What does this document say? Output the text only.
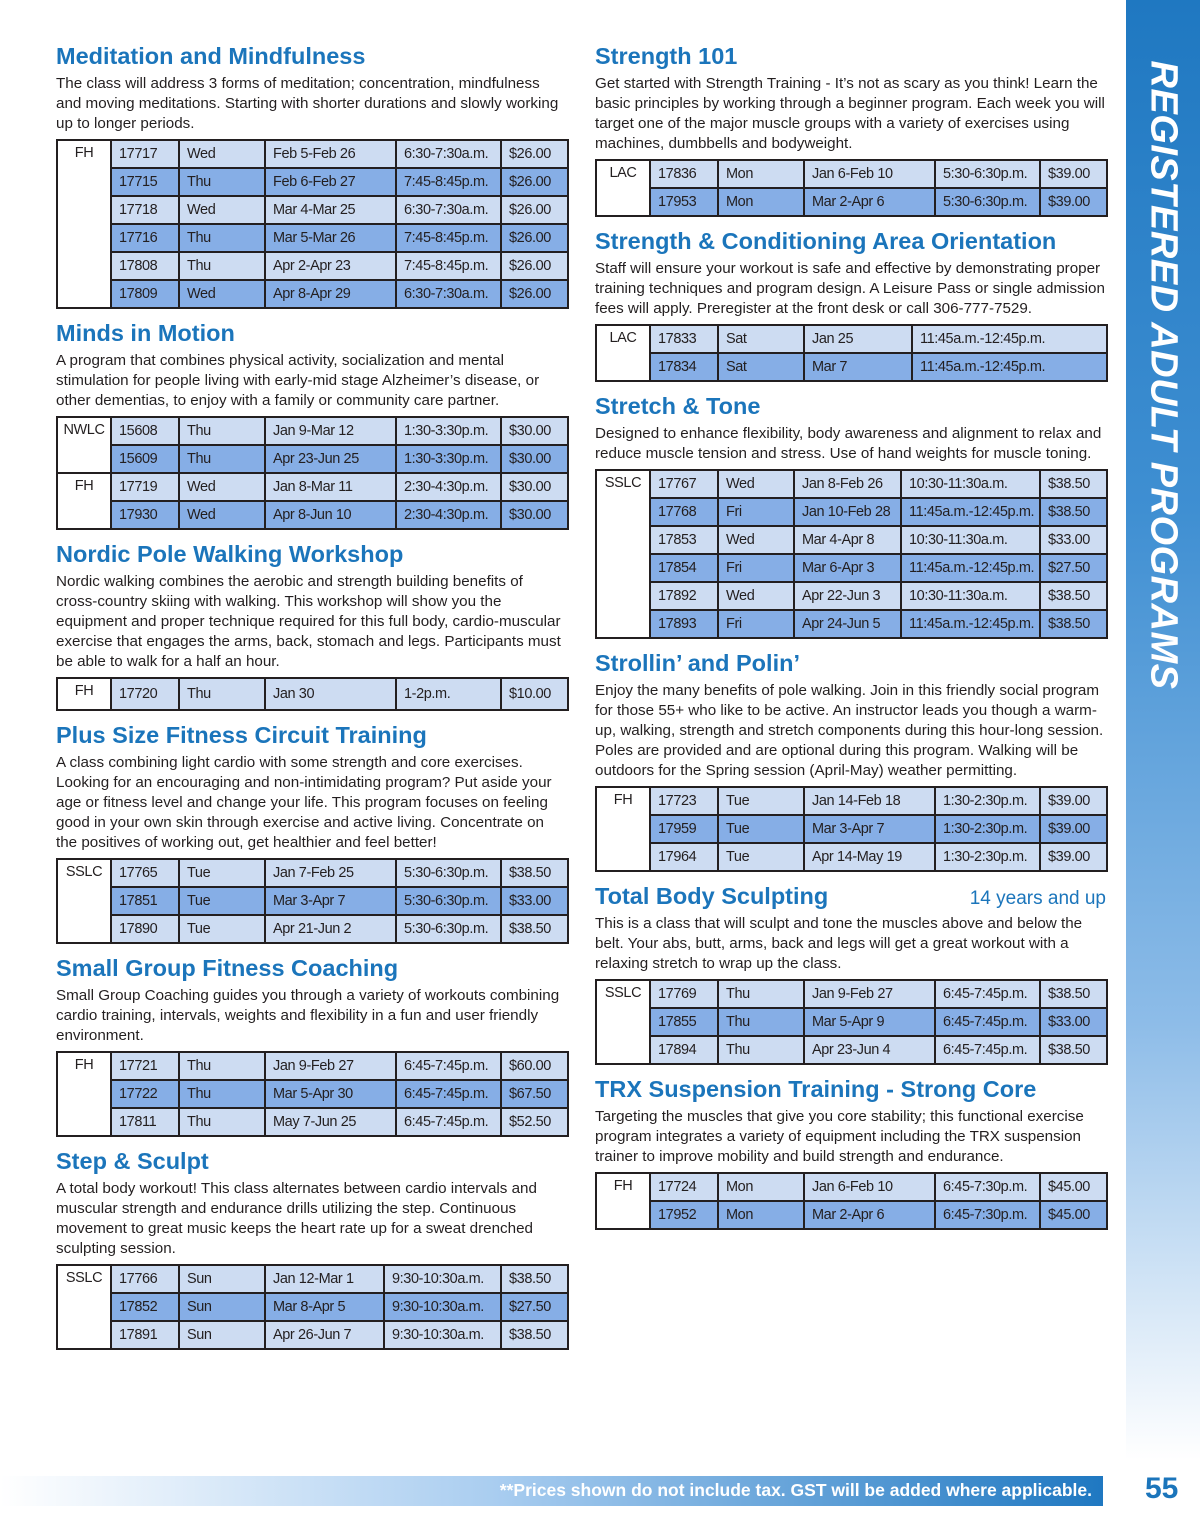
Meditation and Mindfulness

The class will address 3 forms of meditation; concentration, mindfulness and moving meditations. Starting with shorter durations and slowly working up to longer periods.

FH	17717	Wed	Feb 5-Feb 26	6:30-7:30a.m.	$26.00
	17715	Thu	Feb 6-Feb 27	7:45-8:45p.m.	$26.00
	17718	Wed	Mar 4-Mar 25	6:30-7:30a.m.	$26.00
	17716	Thu	Mar 5-Mar 26	7:45-8:45p.m.	$26.00
	17808	Thu	Apr 2-Apr 23	7:45-8:45p.m.	$26.00
	17809	Wed	Apr 8-Apr 29	6:30-7:30a.m.	$26.00
Minds in Motion

A program that combines physical activity, socialization and mental stimulation for people living with early-mid stage Alzheimer’s disease, or other dementias, to enjoy with a family or community care partner.

NWLC	15608	Thu	Jan 9-Mar 12	1:30-3:30p.m.	$30.00
	15609	Thu	Apr 23-Jun 25	1:30-3:30p.m.	$30.00
FH	17719	Wed	Jan 8-Mar 11	2:30-4:30p.m.	$30.00
	17930	Wed	Apr 8-Jun 10	2:30-4:30p.m.	$30.00
Nordic Pole Walking Workshop

Nordic walking combines the aerobic and strength building benefits of cross-country skiing with walking. This workshop will show you the equipment and proper technique required for this full body, cardio-muscular exercise that engages the arms, back, stomach and legs. Participants must be able to walk for a half an hour.

FH	17720	Thu	Jan 30	1-2p.m.	$10.00
Plus Size Fitness Circuit Training

A class combining light cardio with some strength and core exercises. Looking for an encouraging and non-intimidating program? Put aside your age or fitness level and change your life. This program focuses on feeling good in your own skin through exercise and active living. Concentrate on the positives of working out, get healthier and feel better!

SSLC	17765	Tue	Jan 7-Feb 25	5:30-6:30p.m.	$38.50
	17851	Tue	Mar 3-Apr 7	5:30-6:30p.m.	$33.00
	17890	Tue	Apr 21-Jun 2	5:30-6:30p.m.	$38.50
Small Group Fitness Coaching

Small Group Coaching guides you through a variety of workouts combining cardio training, intervals, weights and flexibility in a fun and user friendly environment.

FH	17721	Thu	Jan 9-Feb 27	6:45-7:45p.m.	$60.00
	17722	Thu	Mar 5-Apr 30	6:45-7:45p.m.	$67.50
	17811	Thu	May 7-Jun 25	6:45-7:45p.m.	$52.50
Step & Sculpt

A total body workout! This class alternates between cardio intervals and muscular strength and endurance drills utilizing the step. Continuous movement to great music keeps the heart rate up for a sweat drenched sculpting session.

SSLC	17766	Sun	Jan 12-Mar 1	9:30-10:30a.m.	$38.50
	17852	Sun	Mar 8-Apr 5	9:30-10:30a.m.	$27.50
	17891	Sun	Apr 26-Jun 7	9:30-10:30a.m.	$38.50
Strength 101

Get started with Strength Training - It’s not as scary as you think! Learn the basic principles by working through a beginner program. Each week you will target one of the major muscle groups with a variety of exercises using machines, dumbbells and bodyweight.

LAC	17836	Mon	Jan 6-Feb 10	5:30-6:30p.m.	$39.00
	17953	Mon	Mar 2-Apr 6	5:30-6:30p.m.	$39.00
Strength & Conditioning Area Orientation

Staff will ensure your workout is safe and effective by demonstrating proper training techniques and program design. A Leisure Pass or single admission fees will apply. Preregister at the front desk or call 306-777-7529.

LAC	17833	Sat	Jan 25	11:45a.m.-12:45p.m.
	17834	Sat	Mar 7	11:45a.m.-12:45p.m.
Stretch & Tone

Designed to enhance flexibility, body awareness and alignment to relax and reduce muscle tension and stress. Use of hand weights for muscle toning.

SSLC	17767	Wed	Jan 8-Feb 26	10:30-11:30a.m.	$38.50
	17768	Fri	Jan 10-Feb 28	11:45a.m.-12:45p.m.	$38.50
	17853	Wed	Mar 4-Apr 8	10:30-11:30a.m.	$33.00
	17854	Fri	Mar 6-Apr 3	11:45a.m.-12:45p.m.	$27.50
	17892	Wed	Apr 22-Jun 3	10:30-11:30a.m.	$38.50
	17893	Fri	Apr 24-Jun 5	11:45a.m.-12:45p.m.	$38.50
Strollin’ and Polin’

Enjoy the many benefits of pole walking. Join in this friendly social program for those 55+ who like to be active. An instructor leads you though a warm-up, walking, strength and stretch components during this hour-long session. Poles are provided and are optional during this program. Walking will be outdoors for the Spring session (April-May) weather permitting.

FH	17723	Tue	Jan 14-Feb 18	1:30-2:30p.m.	$39.00
	17959	Tue	Mar 3-Apr 7	1:30-2:30p.m.	$39.00
	17964	Tue	Apr 14-May 19	1:30-2:30p.m.	$39.00
Total Body Sculpting	14 years and up

This is a class that will sculpt and tone the muscles above and below the belt. Your abs, butt, arms, back and legs will get a great workout with a relaxing stretch to wrap up the class.

SSLC	17769	Thu	Jan 9-Feb 27	6:45-7:45p.m.	$38.50
	17855	Thu	Mar 5-Apr 9	6:45-7:45p.m.	$33.00
	17894	Thu	Apr 23-Jun 4	6:45-7:45p.m.	$38.50
TRX Suspension Training - Strong Core

Targeting the muscles that give you core stability; this functional exercise program integrates a variety of equipment including the TRX suspension trainer to improve mobility and build strength and endurance.

FH	17724	Mon	Jan 6-Feb 10	6:45-7:30p.m.	$45.00
	17952	Mon	Mar 2-Apr 6	6:45-7:30p.m.	$45.00
REGISTERED ADULT PROGRAMS
**Prices shown do not include tax. GST will be added where applicable. 55
